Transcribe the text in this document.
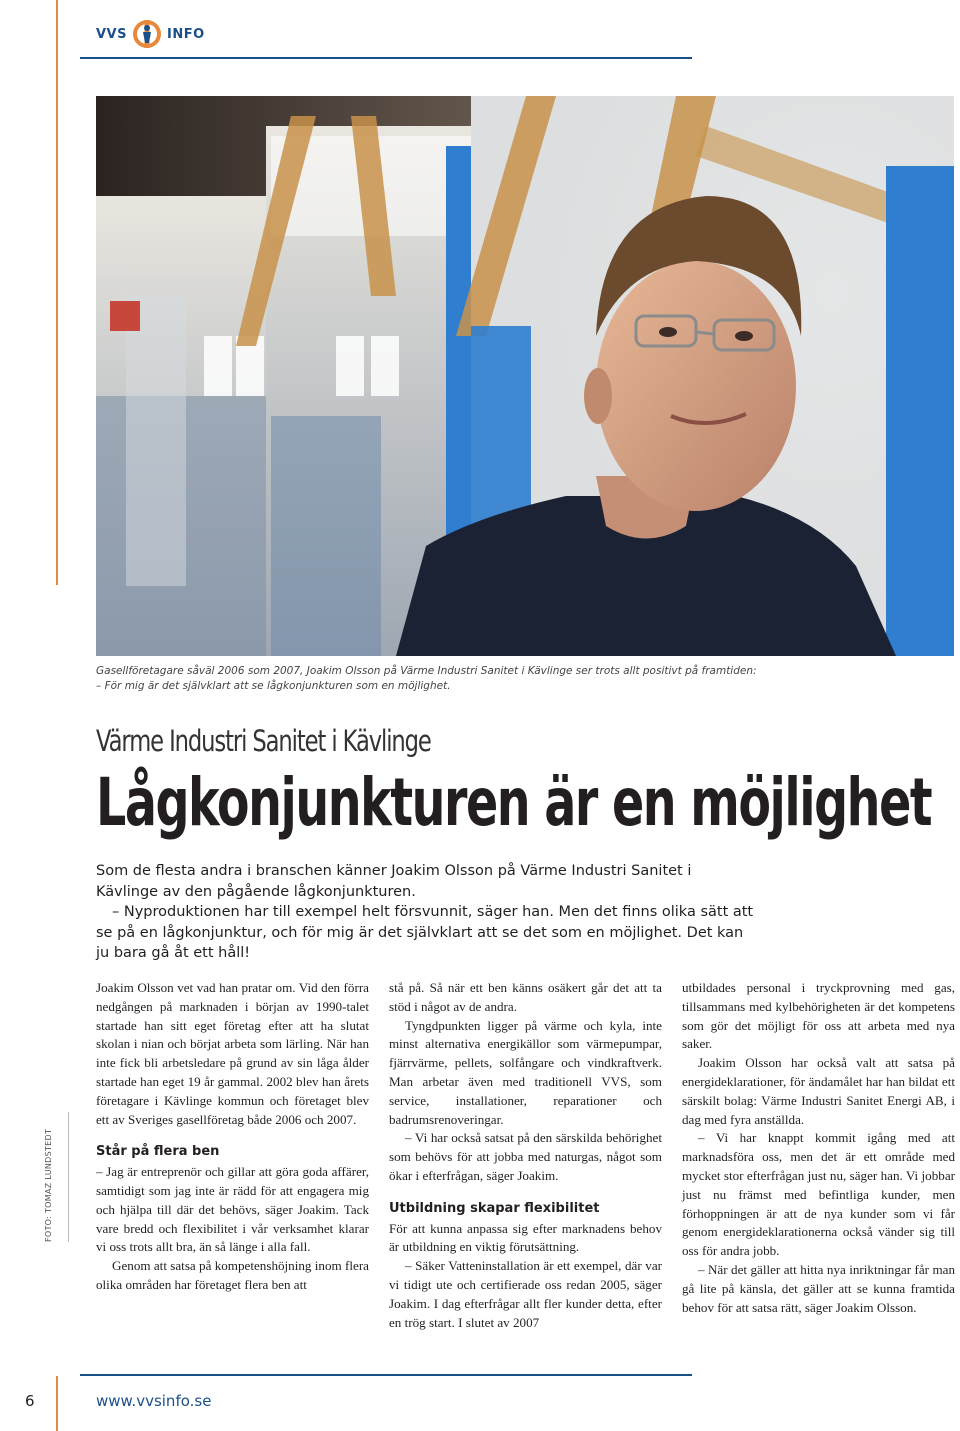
VVS	INFO
Gasellföretagare såväl 2006 som 2007, Joakim Olsson på Värme Industri Sanitet i Kävlinge ser trots allt positivt på framtiden:
– För mig är det självklart att se lågkonjunkturen som en möjlighet.
Värme Industri Sanitet i Kävlinge
Lågkonjunkturen är en möjlighet

Som de flesta andra i branschen känner Joakim Olsson på Värme Industri Sanitet i Kävlinge av den pågående lågkonjunkturen.

– Nyproduktionen har till exempel helt försvunnit, säger han. Men det finns olika sätt att se på en lågkonjunktur, och för mig är det självklart att se det som en möjlighet. Det kan ju bara gå åt ett håll!

FOTO: TOMAZ LUNDSTEDT

Joakim Olsson vet vad han pratar om. Vid den förra nedgången på marknaden i början av 1990-talet startade han sitt eget företag efter att ha slutat skolan i nian och börjat arbeta som lärling. När han inte fick bli arbetsledare på grund av sin låga ålder startade han eget 19 år gammal. 2002 blev han årets företagare i Kävlinge kommun och företaget blev ett av Sveriges gasellföretag både 2006 och 2007.

Står på flera ben

– Jag är entreprenör och gillar att göra goda affärer, samtidigt som jag inte är rädd för att engagera mig och hjälpa till där det behövs, säger Joakim. Tack vare bredd och flexibilitet i vår verksamhet klarar vi oss trots allt bra, än så länge i alla fall.

Genom att satsa på kompetenshöjning inom flera olika områden har företaget flera ben att

stå på. Så när ett ben känns osäkert går det att ta stöd i något av de andra.

Tyngdpunkten ligger på värme och kyla, inte minst alternativa energikällor som värmepumpar, fjärrvärme, pellets, solfångare och vindkraftverk. Man arbetar även med traditionell VVS, som service, installationer, reparationer och badrumsrenoveringar.

– Vi har också satsat på den särskilda behörighet som behövs för att jobba med naturgas, något som ökar i efterfrågan, säger Joakim.

Utbildning skapar flexibilitet

För att kunna anpassa sig efter marknadens behov är utbildning en viktig förutsättning.

– Säker Vatteninstallation är ett exempel, där var vi tidigt ute och certifierade oss redan 2005, säger Joakim. I dag efterfrågar allt fler kunder detta, efter en trög start. I slutet av 2007

utbildades personal i tryckprovning med gas, tillsammans med kylbehörigheten är det kompetens som gör det möjligt för oss att arbeta med nya saker.

Joakim Olsson har också valt att satsa på energideklarationer, för ändamålet har han bildat ett särskilt bolag: Värme Industri Sanitet Energi AB, i dag med fyra anställda.

– Vi har knappt kommit igång med att marknadsföra oss, men det är ett område med mycket stor efterfrågan just nu, säger han. Vi jobbar just nu främst med befintliga kunder, men förhoppningen är att de nya kunder som vi får genom energideklarationerna också vänder sig till oss för andra jobb.

– När det gäller att hitta nya inriktningar får man gå lite på känsla, det gäller att se kunna framtida behov för att satsa rätt, säger Joakim Olsson.

6	www.vvsinfo.se
